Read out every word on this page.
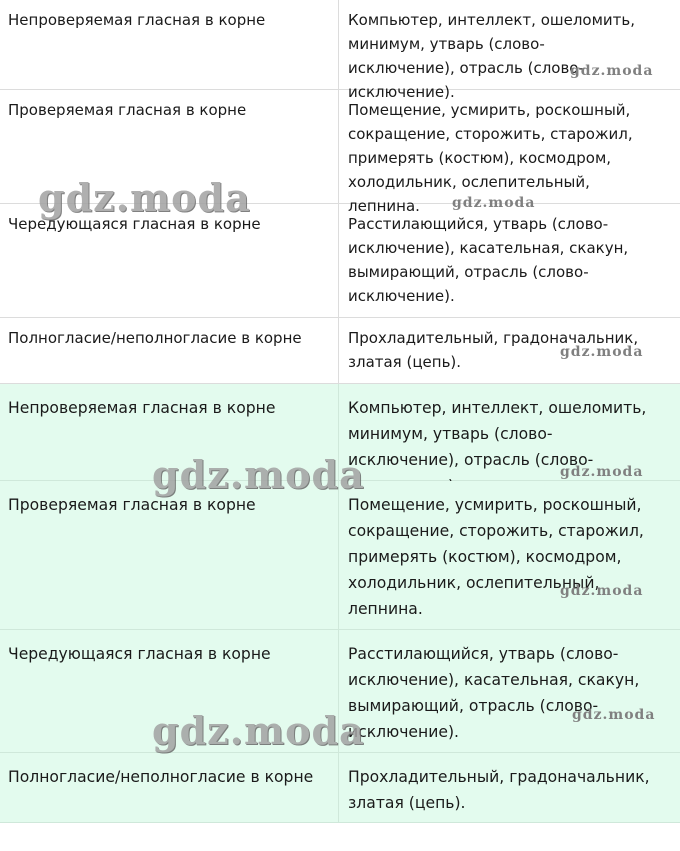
Непроверяемая гласная в корне	Компьютер, интеллект, ошеломить, минимум, утварь (слово-исключение), отрасль (слово-исключение).
Проверяемая гласная в корне	Помещение, усмирить, роскошный, сокращение, сторожить, старожил, примерять (костюм), космодром, холодильник, ослепительный, лепнина.
Чередующаяся гласная в корне	Расстилающийся, утварь (слово-исключение), касательная, скакун, вымирающий, отрасль (слово-исключение).
Полногласие/неполногласие в корне	Прохладительный, градоначальник, златая (цепь).
Непроверяемая гласная в корне	Компьютер, интеллект, ошеломить, минимум, утварь (слово-исключение), отрасль (слово-
Проверяемая гласная в корне	Помещение, усмирить, роскошный, сокращение, сторожить, старожил, примерять (костюм), космодром, холодильник, ослепительный, лепнина.
Чередующаяся гласная в корне	Расстилающийся, утварь (слово-исключение), касательная, скакун, вымирающий, отрасль (слово-исключение).
Полногласие/неполногласие в корне	Прохладительный, градоначальник, златая (цепь).
gdz.moda
gdz.moda	gdz.moda
gdz.moda
gdz.moda	gdz.moda
gdz.moda
gdz.moda
gdz.moda
